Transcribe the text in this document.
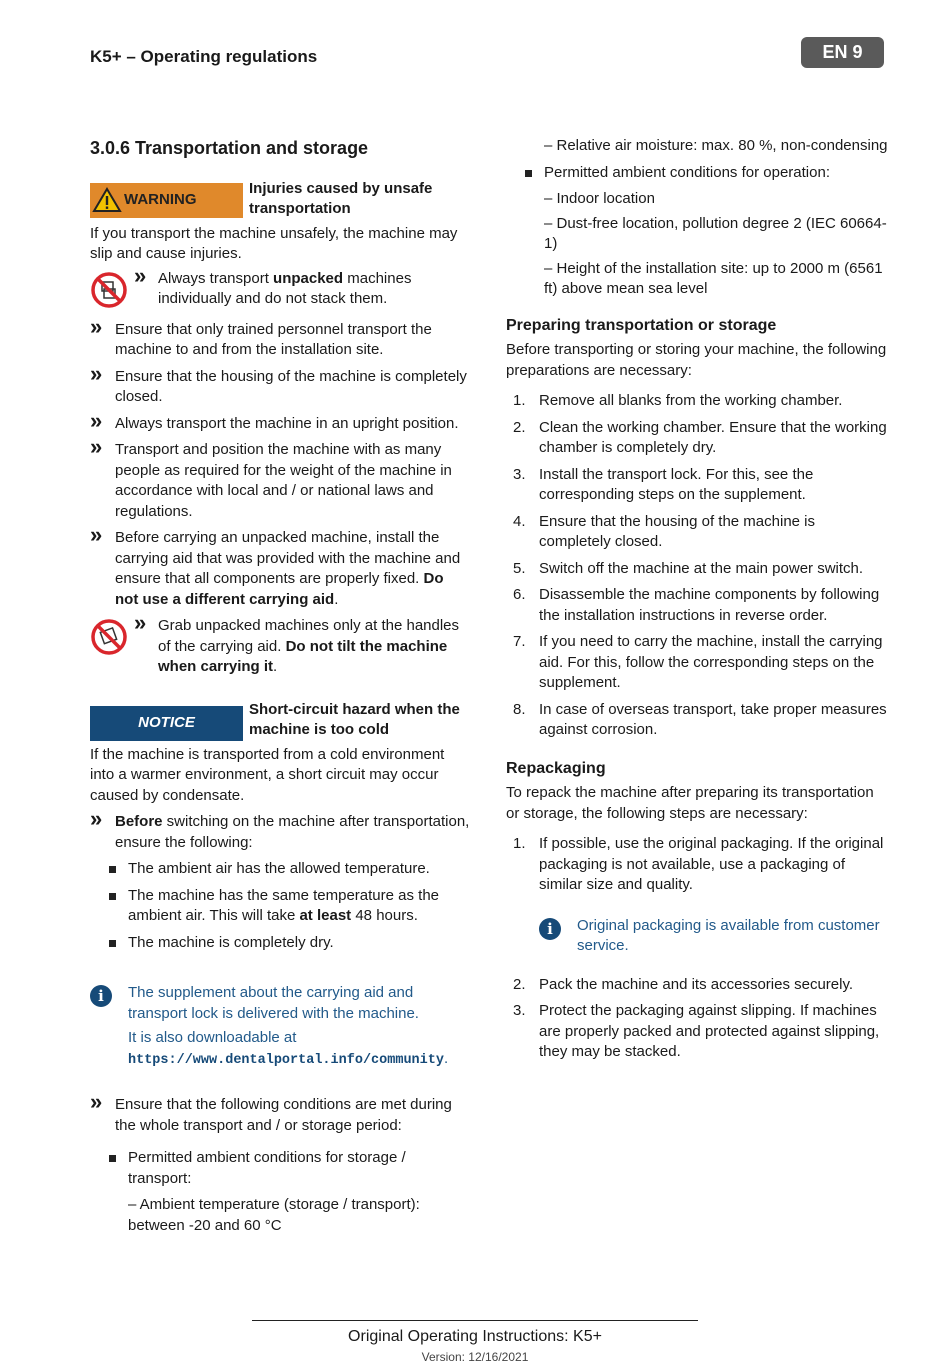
K5+ – Operating regulations	EN 9
3.0.6 Transportation and storage
WARNING
Injuries caused by unsafe transportation
If you transport the machine unsafely, the machine may slip and cause injuries.
» Always transport unpacked machines individually and do not stack them.
» Ensure that only trained personnel transport the machine to and from the installation site.
» Ensure that the housing of the machine is completely closed.
» Always transport the machine in an upright position.
» Transport and position the machine with as many people as required for the weight of the machine in accordance with local and / or national laws and regulations.
» Before carrying an unpacked machine, install the carrying aid that was provided with the machine and ensure that all components are properly fixed. Do not use a different carrying aid.
» Grab unpacked machines only at the handles of the carrying aid. Do not tilt the machine when carrying it.
NOTICE
Short-circuit hazard when the machine is too cold
If the machine is transported from a cold environment into a warmer environment, a short circuit may occur caused by condensate.
» Before switching on the machine after transportation, ensure the following:
The ambient air has the allowed temperature.
The machine has the same temperature as the ambient air. This will take at least 48 hours.
The machine is completely dry.
i	The supplement about the carrying aid and transport lock is delivered with the machine.
It is also downloadable at
https://www.dentalportal.info/community.
» Ensure that the following conditions are met during the whole transport and / or storage period:
Permitted ambient conditions for storage / transport:
– Ambient temperature (storage / transport): between -20 and 60 °C
– Relative air moisture: max. 80 %, non-condensing
Permitted ambient conditions for operation:
– Indoor location
– Dust-free location, pollution degree 2 (IEC 60664-1)
– Height of the installation site: up to 2000 m (6561 ft) above mean sea level
Preparing transportation or storage
Before transporting or storing your machine, the following preparations are necessary:
1. Remove all blanks from the working chamber.
2. Clean the working chamber. Ensure that the working chamber is completely dry.
3. Install the transport lock. For this, see the corresponding steps on the supplement.
4. Ensure that the housing of the machine is completely closed.
5. Switch off the machine at the main power switch.
6. Disassemble the machine components by following the installation instructions in reverse order.
7. If you need to carry the machine, install the carrying aid. For this, follow the corresponding steps on the supplement.
8. In case of overseas transport, take proper measures against corrosion.
Repackaging
To repack the machine after preparing its transportation or storage, the following steps are necessary:
1. If possible, use the original packaging. If the original packaging is not available, use a packaging of similar size and quality.
i	Original packaging is available from customer service.
2. Pack the machine and its accessories securely.
3. Protect the packaging against slipping. If machines are properly packed and protected against slipping, they may be stacked.
Original Operating Instructions: K5+
Version: 12/16/2021
